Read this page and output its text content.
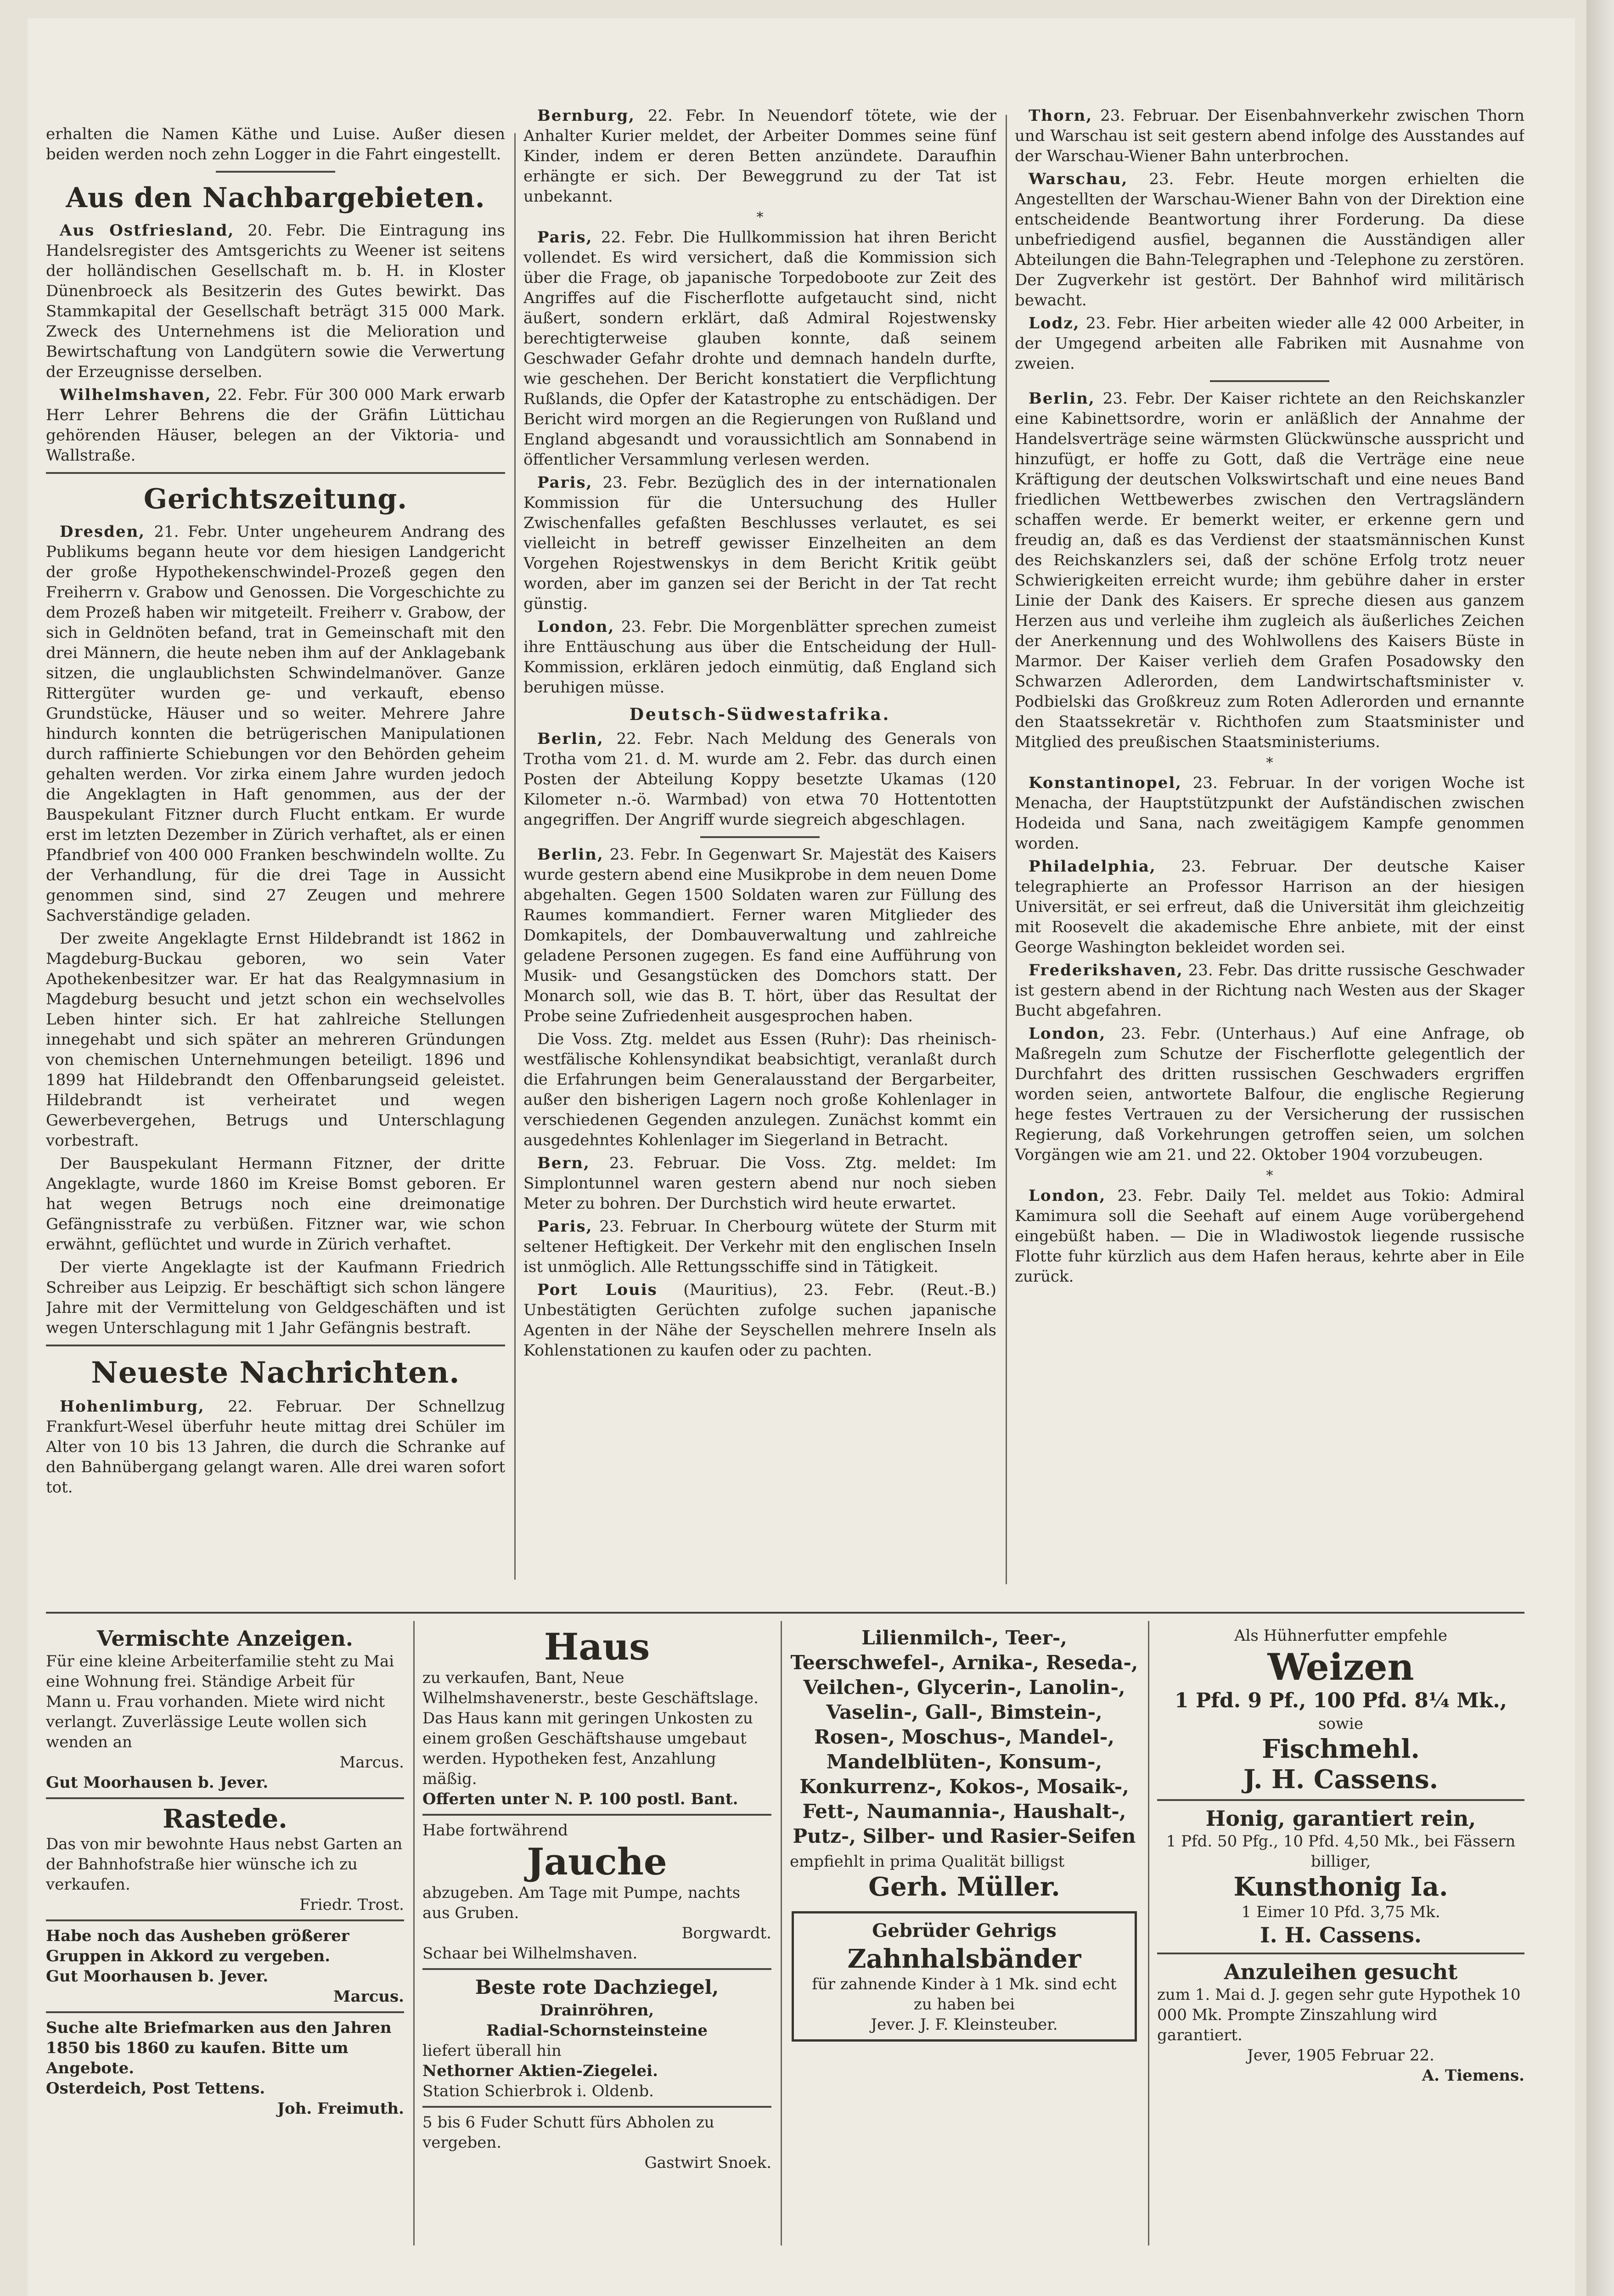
erhalten die Namen Käthe und Luise. Außer diesen beiden werden noch zehn Logger in die Fahrt eingestellt.

Aus den Nachbargebieten.

Aus Ostfriesland, 20. Febr. Die Eintragung ins Handelsregister des Amtsgerichts zu Weener ist seitens der holländischen Gesellschaft m. b. H. in Kloster Dünenbroeck als Besitzerin des Gutes bewirkt. Das Stammkapital der Gesellschaft beträgt 315 000 Mark. Zweck des Unternehmens ist die Melioration und Bewirtschaftung von Landgütern sowie die Verwertung der Erzeugnisse derselben.

Wilhelmshaven, 22. Febr. Für 300 000 Mark erwarb Herr Lehrer Behrens die der Gräfin Lüttichau gehörenden Häuser, belegen an der Viktoria- und Wallstraße.

Gerichtszeitung.

Dresden, 21. Febr. Unter ungeheurem Andrang des Publikums begann heute vor dem hiesigen Landgericht der große Hypothekenschwindel-Prozeß gegen den Freiherrn v. Grabow und Genossen. Die Vorgeschichte zu dem Prozeß haben wir mitgeteilt. Freiherr v. Grabow, der sich in Geldnöten befand, trat in Gemeinschaft mit den drei Männern, die heute neben ihm auf der Anklagebank sitzen, die unglaublichsten Schwindelmanöver. Ganze Rittergüter wurden ge- und verkauft, ebenso Grundstücke, Häuser und so weiter. Mehrere Jahre hindurch konnten die betrügerischen Manipulationen durch raffinierte Schiebungen vor den Behörden geheim gehalten werden. Vor zirka einem Jahre wurden jedoch die Angeklagten in Haft genommen, aus der der Bauspekulant Fitzner durch Flucht entkam. Er wurde erst im letzten Dezember in Zürich verhaftet, als er einen Pfandbrief von 400 000 Franken beschwindeln wollte. Zu der Verhandlung, für die drei Tage in Aussicht genommen sind, sind 27 Zeugen und mehrere Sachverständige geladen.

Der zweite Angeklagte Ernst Hildebrandt ist 1862 in Magdeburg-Buckau geboren, wo sein Vater Apothekenbesitzer war. Er hat das Realgymnasium in Magdeburg besucht und jetzt schon ein wechselvolles Leben hinter sich. Er hat zahlreiche Stellungen innegehabt und sich später an mehreren Gründungen von chemischen Unternehmungen beteiligt. 1896 und 1899 hat Hildebrandt den Offenbarungseid geleistet. Hildebrandt ist verheiratet und wegen Gewerbevergehen, Betrugs und Unterschlagung vorbestraft.

Der Bauspekulant Hermann Fitzner, der dritte Angeklagte, wurde 1860 im Kreise Bomst geboren. Er hat wegen Betrugs noch eine dreimonatige Gefängnisstrafe zu verbüßen. Fitzner war, wie schon erwähnt, geflüchtet und wurde in Zürich verhaftet.

Der vierte Angeklagte ist der Kaufmann Friedrich Schreiber aus Leipzig. Er beschäftigt sich schon längere Jahre mit der Vermittelung von Geldgeschäften und ist wegen Unterschlagung mit 1 Jahr Gefängnis bestraft.

Neueste Nachrichten.

Hohenlimburg, 22. Februar. Der Schnellzug Frankfurt-Wesel überfuhr heute mittag drei Schüler im Alter von 10 bis 13 Jahren, die durch die Schranke auf den Bahnübergang gelangt waren. Alle drei waren sofort tot.

Bernburg, 22. Febr. In Neuendorf tötete, wie der Anhalter Kurier meldet, der Arbeiter Dommes seine fünf Kinder, indem er deren Betten anzündete. Daraufhin erhängte er sich. Der Beweggrund zu der Tat ist unbekannt.

*

Paris, 22. Febr. Die Hullkommission hat ihren Bericht vollendet. Es wird versichert, daß die Kommission sich über die Frage, ob japanische Torpedoboote zur Zeit des Angriffes auf die Fischerflotte aufgetaucht sind, nicht äußert, sondern erklärt, daß Admiral Rojestwensky berechtigterweise glauben konnte, daß seinem Geschwader Gefahr drohte und demnach handeln durfte, wie geschehen. Der Bericht konstatiert die Verpflichtung Rußlands, die Opfer der Katastrophe zu entschädigen. Der Bericht wird morgen an die Regierungen von Rußland und England abgesandt und voraussichtlich am Sonnabend in öffentlicher Versammlung verlesen werden.

Paris, 23. Febr. Bezüglich des in der internationalen Kommission für die Untersuchung des Huller Zwischenfalles gefaßten Beschlusses verlautet, es sei vielleicht in betreff gewisser Einzelheiten an dem Vorgehen Rojestwenskys in dem Bericht Kritik geübt worden, aber im ganzen sei der Bericht in der Tat recht günstig.

London, 23. Febr. Die Morgenblätter sprechen zumeist ihre Enttäuschung aus über die Entscheidung der Hull-Kommission, erklären jedoch einmütig, daß England sich beruhigen müsse.

Deutsch-Südwestafrika.

Berlin, 22. Febr. Nach Meldung des Generals von Trotha vom 21. d. M. wurde am 2. Febr. das durch einen Posten der Abteilung Koppy besetzte Ukamas (120 Kilometer n.-ö. Warmbad) von etwa 70 Hottentotten angegriffen. Der Angriff wurde siegreich abgeschlagen.

Berlin, 23. Febr. In Gegenwart Sr. Majestät des Kaisers wurde gestern abend eine Musikprobe in dem neuen Dome abgehalten. Gegen 1500 Soldaten waren zur Füllung des Raumes kommandiert. Ferner waren Mitglieder des Domkapitels, der Dombauverwaltung und zahlreiche geladene Personen zugegen. Es fand eine Aufführung von Musik- und Gesangstücken des Domchors statt. Der Monarch soll, wie das B. T. hört, über das Resultat der Probe seine Zufriedenheit ausgesprochen haben.

Die Voss. Ztg. meldet aus Essen (Ruhr): Das rheinisch-westfälische Kohlensyndikat beabsichtigt, veranlaßt durch die Erfahrungen beim Generalausstand der Bergarbeiter, außer den bisherigen Lagern noch große Kohlenlager in verschiedenen Gegenden anzulegen. Zunächst kommt ein ausgedehntes Kohlenlager im Siegerland in Betracht.

Bern, 23. Februar. Die Voss. Ztg. meldet: Im Simplontunnel waren gestern abend nur noch sieben Meter zu bohren. Der Durchstich wird heute erwartet.

Paris, 23. Februar. In Cherbourg wütete der Sturm mit seltener Heftigkeit. Der Verkehr mit den englischen Inseln ist unmöglich. Alle Rettungsschiffe sind in Tätigkeit.

Port Louis (Mauritius), 23. Febr. (Reut.-B.) Unbestätigten Gerüchten zufolge suchen japanische Agenten in der Nähe der Seyschellen mehrere Inseln als Kohlenstationen zu kaufen oder zu pachten.

Thorn, 23. Februar. Der Eisenbahnverkehr zwischen Thorn und Warschau ist seit gestern abend infolge des Ausstandes auf der Warschau-Wiener Bahn unterbrochen.

Warschau, 23. Febr. Heute morgen erhielten die Angestellten der Warschau-Wiener Bahn von der Direktion eine entscheidende Beantwortung ihrer Forderung. Da diese unbefriedigend ausfiel, begannen die Ausständigen aller Abteilungen die Bahn-Telegraphen und -Telephone zu zerstören. Der Zugverkehr ist gestört. Der Bahnhof wird militärisch bewacht.

Lodz, 23. Febr. Hier arbeiten wieder alle 42 000 Arbeiter, in der Umgegend arbeiten alle Fabriken mit Ausnahme von zweien.

Berlin, 23. Febr. Der Kaiser richtete an den Reichskanzler eine Kabinettsordre, worin er anläßlich der Annahme der Handelsverträge seine wärmsten Glückwünsche ausspricht und hinzufügt, er hoffe zu Gott, daß die Verträge eine neue Kräftigung der deutschen Volkswirtschaft und eine neues Band friedlichen Wettbewerbes zwischen den Vertragsländern schaffen werde. Er bemerkt weiter, er erkenne gern und freudig an, daß es das Verdienst der staatsmännischen Kunst des Reichskanzlers sei, daß der schöne Erfolg trotz neuer Schwierigkeiten erreicht wurde; ihm gebühre daher in erster Linie der Dank des Kaisers. Er spreche diesen aus ganzem Herzen aus und verleihe ihm zugleich als äußerliches Zeichen der Anerkennung und des Wohlwollens des Kaisers Büste in Marmor. Der Kaiser verlieh dem Grafen Posadowsky den Schwarzen Adlerorden, dem Landwirtschaftsminister v. Podbielski das Großkreuz zum Roten Adlerorden und ernannte den Staatssekretär v. Richthofen zum Staatsminister und Mitglied des preußischen Staatsministeriums.

*

Konstantinopel, 23. Februar. In der vorigen Woche ist Menacha, der Hauptstützpunkt der Aufständischen zwischen Hodeida und Sana, nach zweitägigem Kampfe genommen worden.

Philadelphia, 23. Februar. Der deutsche Kaiser telegraphierte an Professor Harrison an der hiesigen Universität, er sei erfreut, daß die Universität ihm gleichzeitig mit Roosevelt die akademische Ehre anbiete, mit der einst George Washington bekleidet worden sei.

Frederikshaven, 23. Febr. Das dritte russische Geschwader ist gestern abend in der Richtung nach Westen aus der Skager Bucht abgefahren.

London, 23. Febr. (Unterhaus.) Auf eine Anfrage, ob Maßregeln zum Schutze der Fischerflotte gelegentlich der Durchfahrt des dritten russischen Geschwaders ergriffen worden seien, antwortete Balfour, die englische Regierung hege festes Vertrauen zu der Versicherung der russischen Regierung, daß Vorkehrungen getroffen seien, um solchen Vorgängen wie am 21. und 22. Oktober 1904 vorzubeugen.

*

London, 23. Febr. Daily Tel. meldet aus Tokio: Admiral Kamimura soll die Seehaft auf einem Auge vorübergehend eingebüßt haben. — Die in Wladiwostok liegende russische Flotte fuhr kürzlich aus dem Hafen heraus, kehrte aber in Eile zurück.

Vermischte Anzeigen.

Für eine kleine Arbeiterfamilie steht zu Mai eine Wohnung frei. Ständige Arbeit für Mann u. Frau vorhanden. Miete wird nicht verlangt. Zuverlässige Leute wollen sich wenden an

Marcus.

Gut Moorhausen b. Jever.

Rastede.

Das von mir bewohnte Haus nebst Garten an der Bahnhofstraße hier wünsche ich zu verkaufen.

Friedr. Trost.

Habe noch das Ausheben größerer Gruppen in Akkord zu vergeben.

Gut Moorhausen b. Jever.

Marcus.

Suche alte Briefmarken aus den Jahren 1850 bis 1860 zu kaufen. Bitte um Angebote.

Osterdeich, Post Tettens.

Joh. Freimuth.

Haus

zu verkaufen, Bant, Neue Wilhelmshavenerstr., beste Geschäftslage. Das Haus kann mit geringen Unkosten zu einem großen Geschäftshause umgebaut werden. Hypotheken fest, Anzahlung mäßig.

Offerten unter N. P. 100 postl. Bant.

Habe fortwährend

Jauche

abzugeben. Am Tage mit Pumpe, nachts aus Gruben.

Borgwardt.

Schaar bei Wilhelmshaven.

Beste rote Dachziegel,

Drainröhren,

Radial-Schornsteinsteine

liefert überall hin

Nethorner Aktien-Ziegelei.

Station Schierbrok i. Oldenb.

5 bis 6 Fuder Schutt fürs Abholen zu vergeben.

Gastwirt Snoek.

Lilienmilch-, Teer-, Teerschwefel-, Arnika-, Reseda-, Veilchen-, Glycerin-, Lanolin-, Vaselin-, Gall-, Bimstein-, Rosen-, Moschus-, Mandel-, Mandelblüten-, Konsum-, Konkurrenz-, Kokos-, Mosaik-, Fett-, Naumannia-, Haushalt-, Putz-, Silber- und Rasier-Seifen

empfiehlt in prima Qualität billigst

Gerh. Müller.

Gebrüder Gehrigs

Zahnhalsbänder

für zahnende Kinder à 1 Mk. sind echt zu haben bei

Jever. J. F. Kleinsteuber.

Als Hühnerfutter empfehle

Weizen

1 Pfd. 9 Pf., 100 Pfd. 8¼ Mk.,

sowie

Fischmehl.

J. H. Cassens.

Honig, garantiert rein,

1 Pfd. 50 Pfg., 10 Pfd. 4,50 Mk., bei Fässern billiger,

Kunsthonig Ia.

1 Eimer 10 Pfd. 3,75 Mk.

I. H. Cassens.

Anzuleihen gesucht

zum 1. Mai d. J. gegen sehr gute Hypothek 10 000 Mk. Prompte Zinszahlung wird garantiert.

Jever, 1905 Februar 22.

A. Tiemens.
